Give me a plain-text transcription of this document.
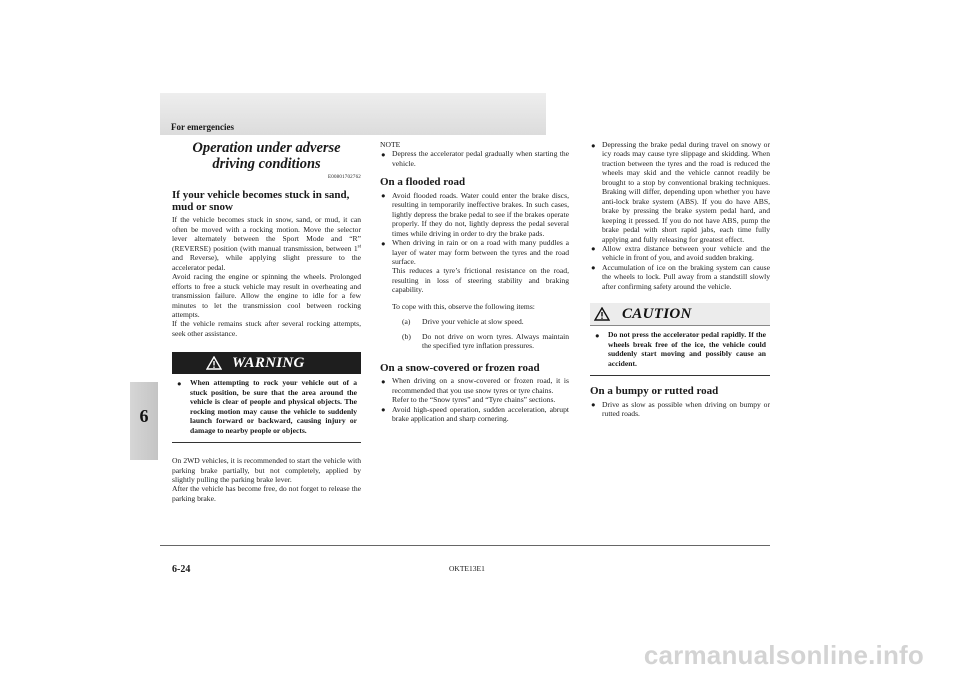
For emergencies
6
Operation under adverse driving conditions
E00801702762
If your vehicle becomes stuck in sand, mud or snow

If the vehicle becomes stuck in snow, sand, or mud, it can often be moved with a rocking motion. Move the selector lever alternately between the Sport Mode and “R” (REVERSE) position (with manual transmission, between 1st and Reverse), while applying slight pressure to the accelerator pedal.

Avoid racing the engine or spinning the wheels. Prolonged efforts to free a stuck vehicle may result in overheating and transmission failure. Allow the engine to idle for a few minutes to let the transmission cool between rocking attempts.

If the vehicle remains stuck after several rocking attempts, seek other assistance.

WARNING
●
When attempting to rock your vehicle out of a stuck position, be sure that the area around the vehicle is clear of people and physical objects. The rocking motion may cause the vehicle to suddenly launch forward or backward, causing injury or damage to nearby people or objects.

On 2WD vehicles, it is recommended to start the vehicle with parking brake partially, but not completely, applied by slightly pulling the parking brake lever.

After the vehicle has become free, do not forget to release the parking brake.

NOTE

●
Depress the accelerator pedal gradually when starting the vehicle.
On a flooded road
●
Avoid flooded roads. Water could enter the brake discs, resulting in temporarily ineffective brakes. In such cases, lightly depress the brake pedal to see if the brakes operate properly. If they do not, lightly depress the pedal several times while driving in order to dry the brake pads.
●
When driving in rain or on a road with many puddles a layer of water may form between the tyres and the road surface.
This reduces a tyre’s frictional resistance on the road, resulting in loss of steering stability and braking capability.
To cope with this, observe the following items:
(a) Drive your vehicle at slow speed.
(b) Do not drive on worn tyres. Always maintain the specified tyre inflation pressures.
On a snow-covered or frozen road
●
When driving on a snow-covered or frozen road, it is recommended that you use snow tyres or tyre chains.
Refer to the “Snow tyres” and “Tyre chains” sections.
●
Avoid high-speed operation, sudden acceleration, abrupt brake application and sharp cornering.
●
Depressing the brake pedal during travel on snowy or icy roads may cause tyre slippage and skidding. When traction between the tyres and the road is reduced the wheels may skid and the vehicle cannot readily be brought to a stop by conventional braking techniques. Braking will differ, depending upon whether you have anti-lock brake system (ABS). If you do have ABS, brake by pressing the brake system pedal hard, and keeping it pressed. If you do not have ABS, pump the brake pedal with short rapid jabs, each time fully applying and fully releasing for greatest effect.
●
Allow extra distance between your vehicle and the vehicle in front of you, and avoid sudden braking.
●
Accumulation of ice on the braking system can cause the wheels to lock. Pull away from a standstill slowly after confirming safety around the vehicle.
CAUTION
●
Do not press the accelerator pedal rapidly. If the wheels break free of the ice, the vehicle could suddenly start moving and possibly cause an accident.
On a bumpy or rutted road
●
Drive as slow as possible when driving on bumpy or rutted roads.
6-24	OKTE13E1
carmanualsonline.info
